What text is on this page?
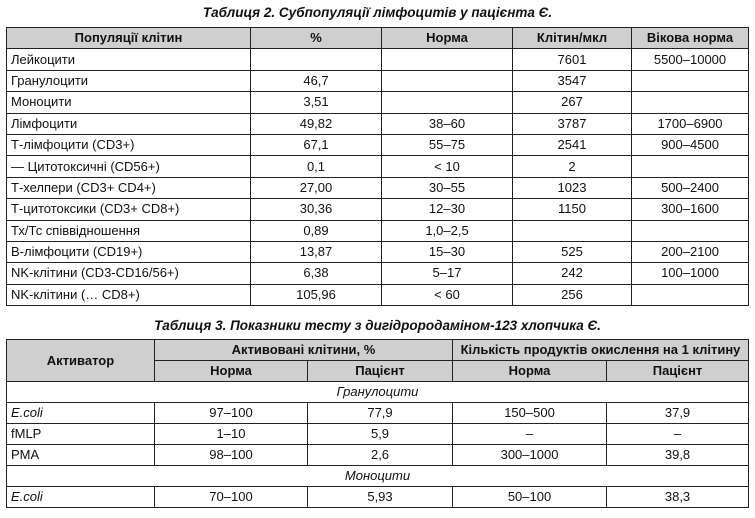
Таблиця 2. Субпопуляції лімфоцитів у пацієнта Є.
Популяції клітин	%	Норма	Клітин/мкл	Вікова норма
Лейкоцити			7601	5500–10000
Гранулоцити	46,7		3547	
Моноцити	3,51		267	
Лімфоцити	49,82	38–60	3787	1700–6900
Т-лімфоцити (CD3+)	67,1	55–75	2541	900–4500
— Цитотоксичні (CD56+)	0,1	< 10	2	
Т-хелпери (CD3+ CD4+)	27,00	30–55	1023	500–2400
Т-цитотоксики (CD3+ CD8+)	30,36	12–30	1150	300–1600
Тх/Тс співвідношення	0,89	1,0–2,5		
В-лімфоцити (CD19+)	13,87	15–30	525	200–2100
NK-клітини (CD3-CD16/56+)	6,38	5–17	242	100–1000
NK-клітини (… CD8+)	105,96	< 60	256	
Таблиця 3. Показники тесту з дигідрородаміном-123 хлопчика Є.
Активатор	Активовані клітини, %		Кількість продуктів окислення на 1 клітину	
	Норма	Пацієнт	Норма	Пацієнт
Гранулоцити				
E.coli	97–100	77,9	150–500	37,9
fMLP	1–10	5,9	–	–
PMA	98–100	2,6	300–1000	39,8
Моноцити				
E.coli	70–100	5,93	50–100	38,3
